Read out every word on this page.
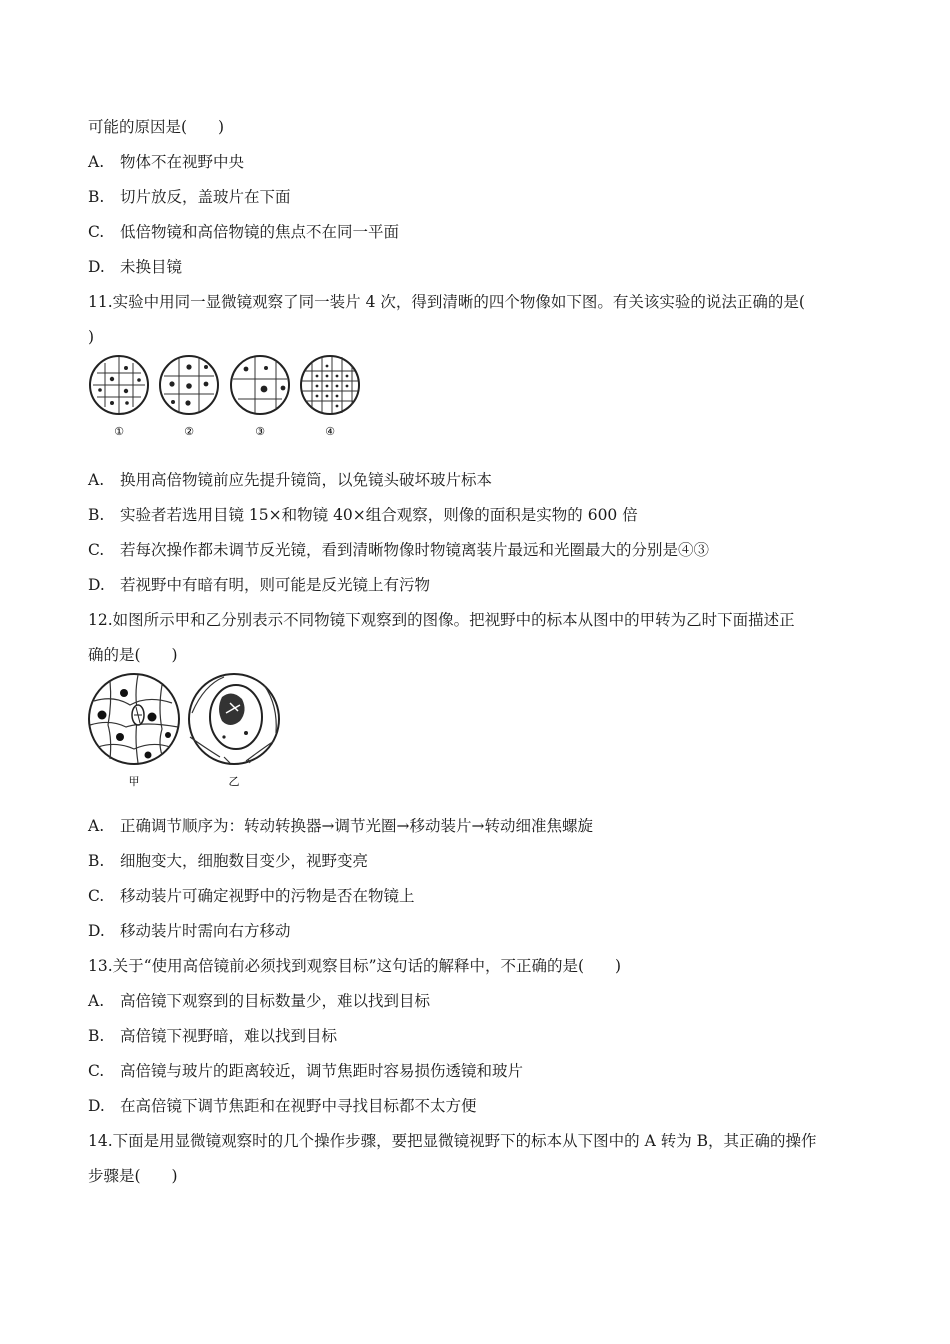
可能的原因是(　　)
A.	物体不在视野中央
B.	切片放反，盖玻片在下面
C.	低倍物镜和高倍物镜的焦点不在同一平面
D. 未换目镜
11.实验中用同一显微镜观察了同一装片 4 次，得到清晰的四个物像如下图。有关该实验的说法正确的是(
)
①	②	③	④
A.	换用高倍物镜前应先提升镜筒，以免镜头破坏玻片标本
B.	实验者若选用目镜 15×和物镜 40×组合观察，则像的面积是实物的 600 倍
C.	若每次操作都未调节反光镜，看到清晰物像时物镜离装片最远和光圈最大的分别是④③
D. 若视野中有暗有明，则可能是反光镜上有污物
12.如图所示甲和乙分别表示不同物镜下观察到的图像。把视野中的标本从图中的甲转为乙时下面描述正
确的是(　　)
甲	乙
A.	正确调节顺序为：转动转换器→调节光圈→移动装片→转动细准焦螺旋
B.	细胞变大，细胞数目变少，视野变亮
C.	移动装片可确定视野中的污物是否在物镜上
D. 移动装片时需向右方移动
13.关于“使用高倍镜前必须找到观察目标”这句话的解释中，不正确的是(　　)
A.	高倍镜下观察到的目标数量少，难以找到目标
B.	高倍镜下视野暗，难以找到目标
C.	高倍镜与玻片的距离较近，调节焦距时容易损伤透镜和玻片
D. 在高倍镜下调节焦距和在视野中寻找目标都不太方便
14.下面是用显微镜观察时的几个操作步骤，要把显微镜视野下的标本从下图中的 A 转为 B，其正确的操作
步骤是(　　)
